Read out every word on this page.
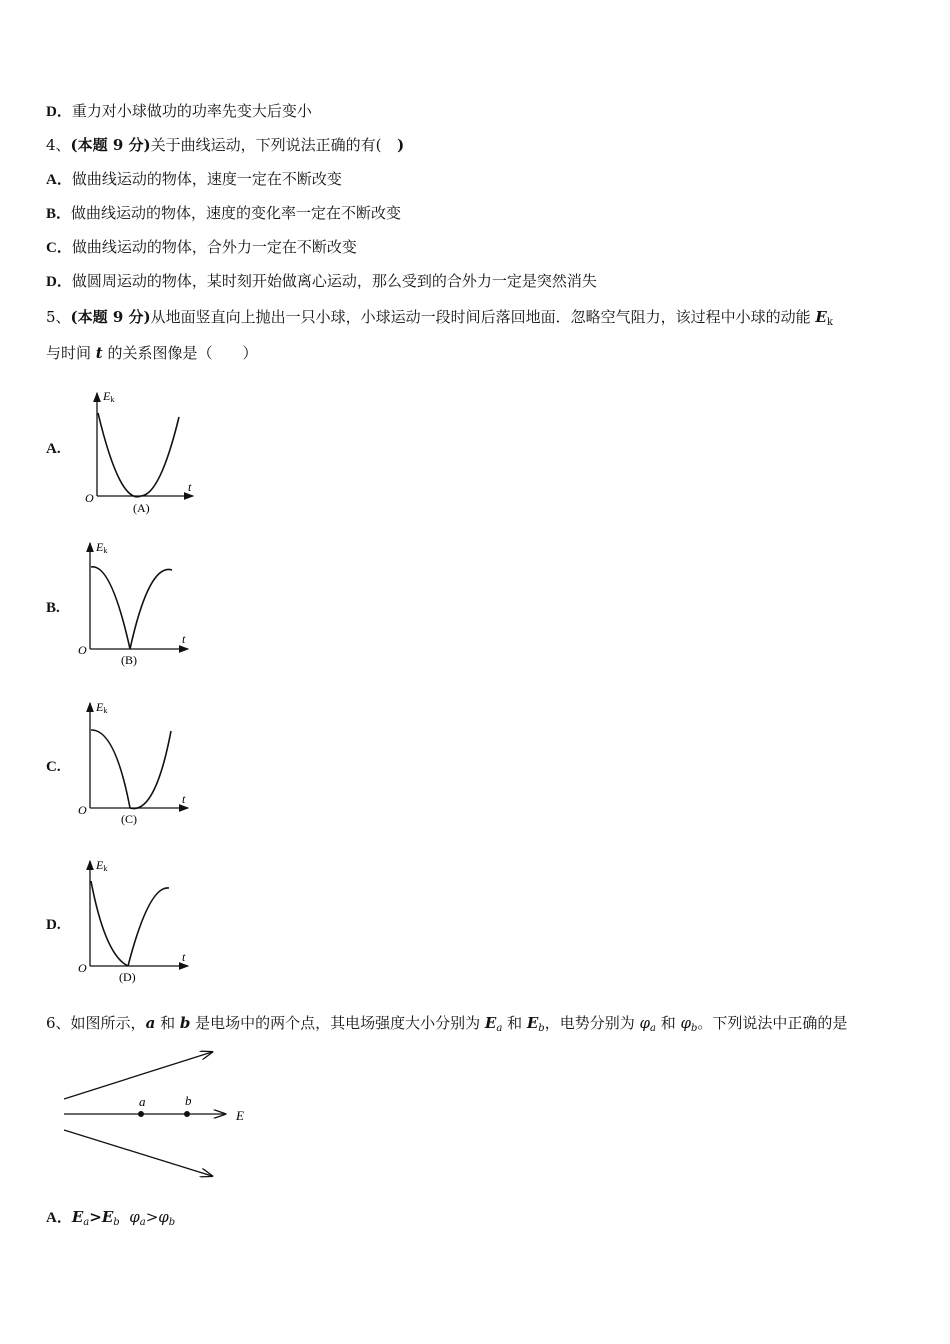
D．重力对小球做功的功率先变大后变小
4、(本题 9 分)关于曲线运动，下列说法正确的有(   )
A．做曲线运动的物体，速度一定在不断改变
B．做曲线运动的物体，速度的变化率一定在不断改变
C．做曲线运动的物体，合外力一定在不断改变
D．做圆周运动的物体，某时刻开始做离心运动，那么受到的合外力一定是突然消失
5、(本题 9 分)从地面竖直向上抛出一只小球，小球运动一段时间后落回地面．忽略空气阻力，该过程中小球的动能 $E_k$
与时间 t 的关系图像是（　　）
A.
Ek
O
t
(A)
B.
Ek
O
t
(B)
C.
Ek
O
t
(C)
D.
Ek
O
t
(D)
6、如图所示，a 和 b 是电场中的两个点，其电场强度大小分别为 $E_a$ 和 $E_b$，电势分别为 $\varphi_a$ 和 $\varphi_b$。下列说法中正确的是
a	b
E
A．$E_a>E_b$ $\varphi_a>\varphi_b$
